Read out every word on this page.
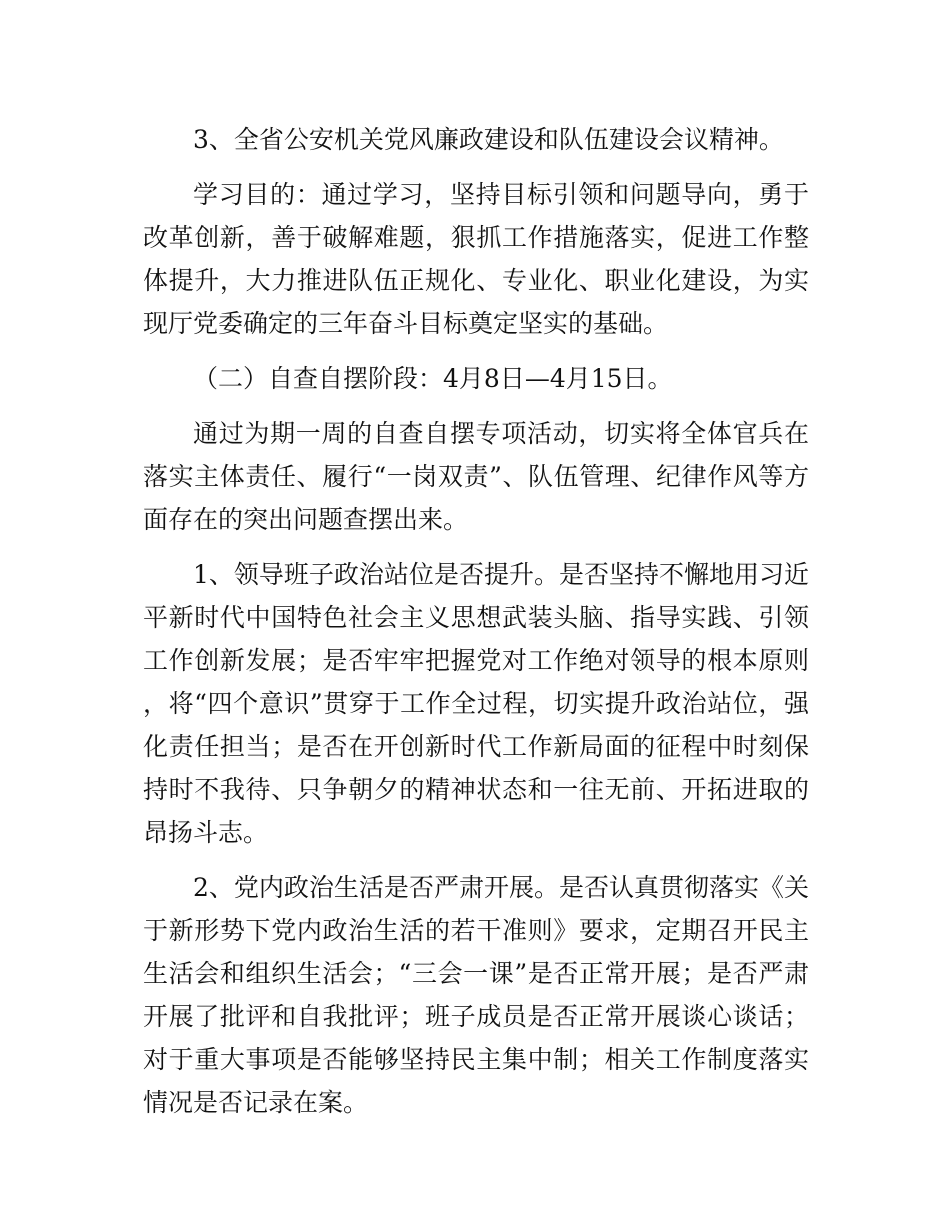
3、全省公安机关党风廉政建设和队伍建设会议精神。

学习目的：通过学习，坚持目标引领和问题导向，勇于改革创新，善于破解难题，狠抓工作措施落实，促进工作整体提升，大力推进队伍正规化、专业化、职业化建设，为实现厅党委确定的三年奋斗目标奠定坚实的基础。

（二）自查自摆阶段：4月8日—4月15日。

通过为期一周的自查自摆专项活动，切实将全体官兵在落实主体责任、履行“一岗双责”、队伍管理、纪律作风等方面存在的突出问题查摆出来。

1、领导班子政治站位是否提升。是否坚持不懈地用习近平新时代中国特色社会主义思想武装头脑、指导实践、引领工作创新发展；是否牢牢把握党对工作绝对领导的根本原则，将“四个意识”贯穿于工作全过程，切实提升政治站位，强化责任担当；是否在开创新时代工作新局面的征程中时刻保持时不我待、只争朝夕的精神状态和一往无前、开拓进取的昂扬斗志。

2、党内政治生活是否严肃开展。是否认真贯彻落实《关于新形势下党内政治生活的若干准则》要求，定期召开民主生活会和组织生活会；“三会一课”是否正常开展；是否严肃开展了批评和自我批评；班子成员是否正常开展谈心谈话；对于重大事项是否能够坚持民主集中制；相关工作制度落实情况是否记录在案。
